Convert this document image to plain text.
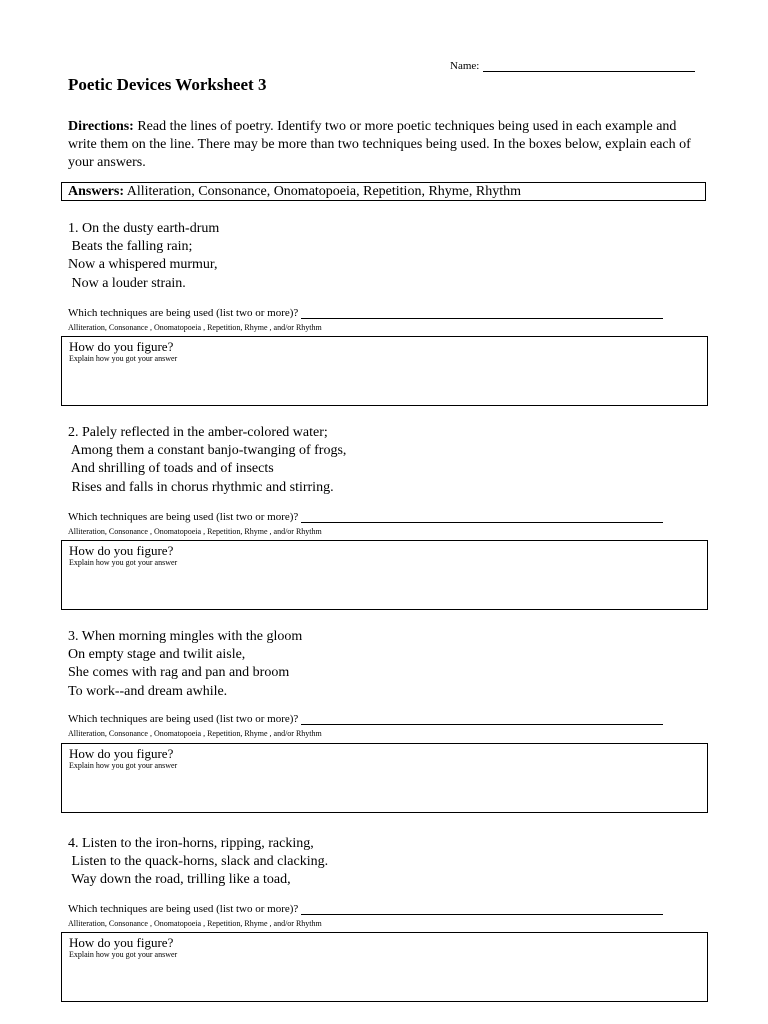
Name:
Poetic Devices Worksheet 3

Directions: Read the lines of poetry. Identify two or more poetic techniques being used in each example and write them on the line. There may be more than two techniques being used. In the boxes below, explain each of your answers.

Answers: Alliteration, Consonance, Onomatopoeia, Repetition, Rhyme, Rhythm
1. On the dusty earth-drum
Beats the falling rain;
Now a whispered murmur,
Now a louder strain.
Which techniques are being used (list two or more)?
Alliteration, Consonance , Onomatopoeia , Repetition, Rhyme , and/or Rhythm
How do you figure?
Explain how you got your answer
2. Palely reflected in the amber-colored water;
Among them a constant banjo-twanging of frogs,
And shrilling of toads and of insects
Rises and falls in chorus rhythmic and stirring.
Which techniques are being used (list two or more)?
Alliteration, Consonance , Onomatopoeia , Repetition, Rhyme , and/or Rhythm
How do you figure?
Explain how you got your answer
3. When morning mingles with the gloom
On empty stage and twilit aisle,
She comes with rag and pan and broom
To work--and dream awhile.
Which techniques are being used (list two or more)?
Alliteration, Consonance , Onomatopoeia , Repetition, Rhyme , and/or Rhythm
How do you figure?
Explain how you got your answer
4. Listen to the iron-horns, ripping, racking,
Listen to the quack-horns, slack and clacking.
Way down the road, trilling like a toad,
Which techniques are being used (list two or more)?
Alliteration, Consonance , Onomatopoeia , Repetition, Rhyme , and/or Rhythm
How do you figure?
Explain how you got your answer
